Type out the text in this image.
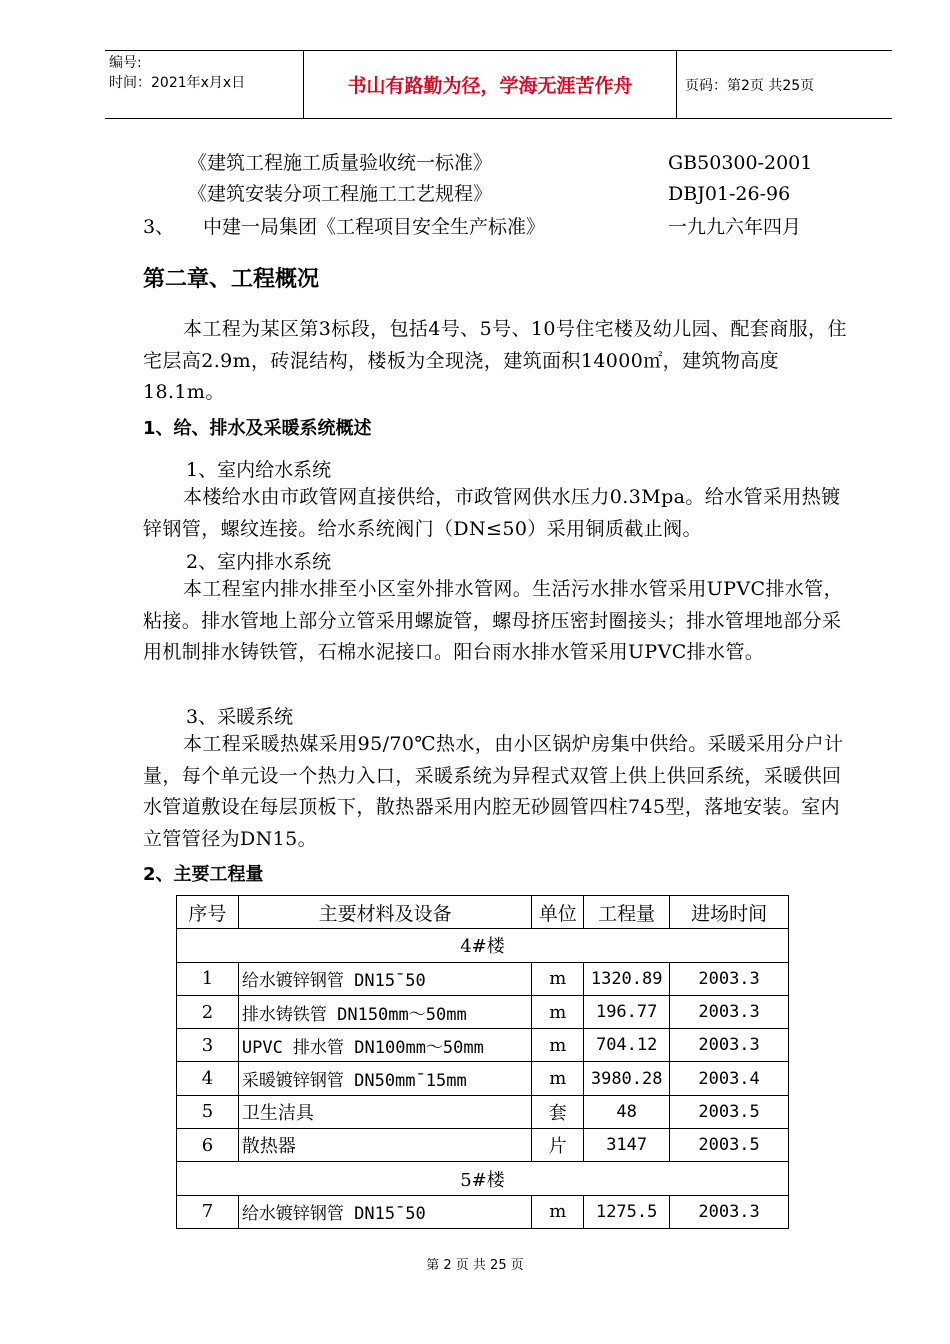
编号:
时间：2021年x月x日	书山有路勤为径，学海无涯苦作舟	页码：第2页 共25页
《建筑工程施工质量验收统一标准》	GB50300-2001
《建筑安装分项工程施工工艺规程》	DBJ01-26-96
3、 中建一局集团《工程项目安全生产标准》	一九九六年四月
第二章、工程概况
本工程为某区第3标段，包括4号、5号、10号住宅楼及幼儿园、配套商服，住宅层高2.9m，砖混结构，楼板为全现浇，建筑面积14000㎡，建筑物高度18.1m。
1、给、排水及采暖系统概述
1、室内给水系统
本楼给水由市政管网直接供给，市政管网供水压力0.3Mpa。给水管采用热镀锌钢管，螺纹连接。给水系统阀门（DN≤50）采用铜质截止阀。
2、室内排水系统
本工程室内排水排至小区室外排水管网。生活污水排水管采用UPVC排水管，粘接。排水管地上部分立管采用螺旋管，螺母挤压密封圈接头；排水管埋地部分采用机制排水铸铁管，石棉水泥接口。阳台雨水排水管采用UPVC排水管。
3、采暖系统
本工程采暖热媒采用95/70℃热水，由小区锅炉房集中供给。采暖采用分户计量，每个单元设一个热力入口，采暖系统为异程式双管上供上供回系统，采暖供回水管道敷设在每层顶板下，散热器采用内腔无砂圆管四柱745型，落地安装。室内立管管径为DN15。
2、主要工程量
序号	主要材料及设备	单位	工程量	进场时间
4#楼				
1	给水镀锌钢管 DN15¯50	m	1320.89	2003.3
2	排水铸铁管 DN150mm～50mm	m	196.77	2003.3
3	UPVC 排水管 DN100mm～50mm	m	704.12	2003.3
4	采暖镀锌钢管 DN50mm¯15mm	m	3980.28	2003.4
5	卫生洁具	套	48	2003.5
6	散热器	片	3147	2003.5
5#楼				
7	给水镀锌钢管 DN15¯50	m	1275.5	2003.3
第 2 页 共 25 页
